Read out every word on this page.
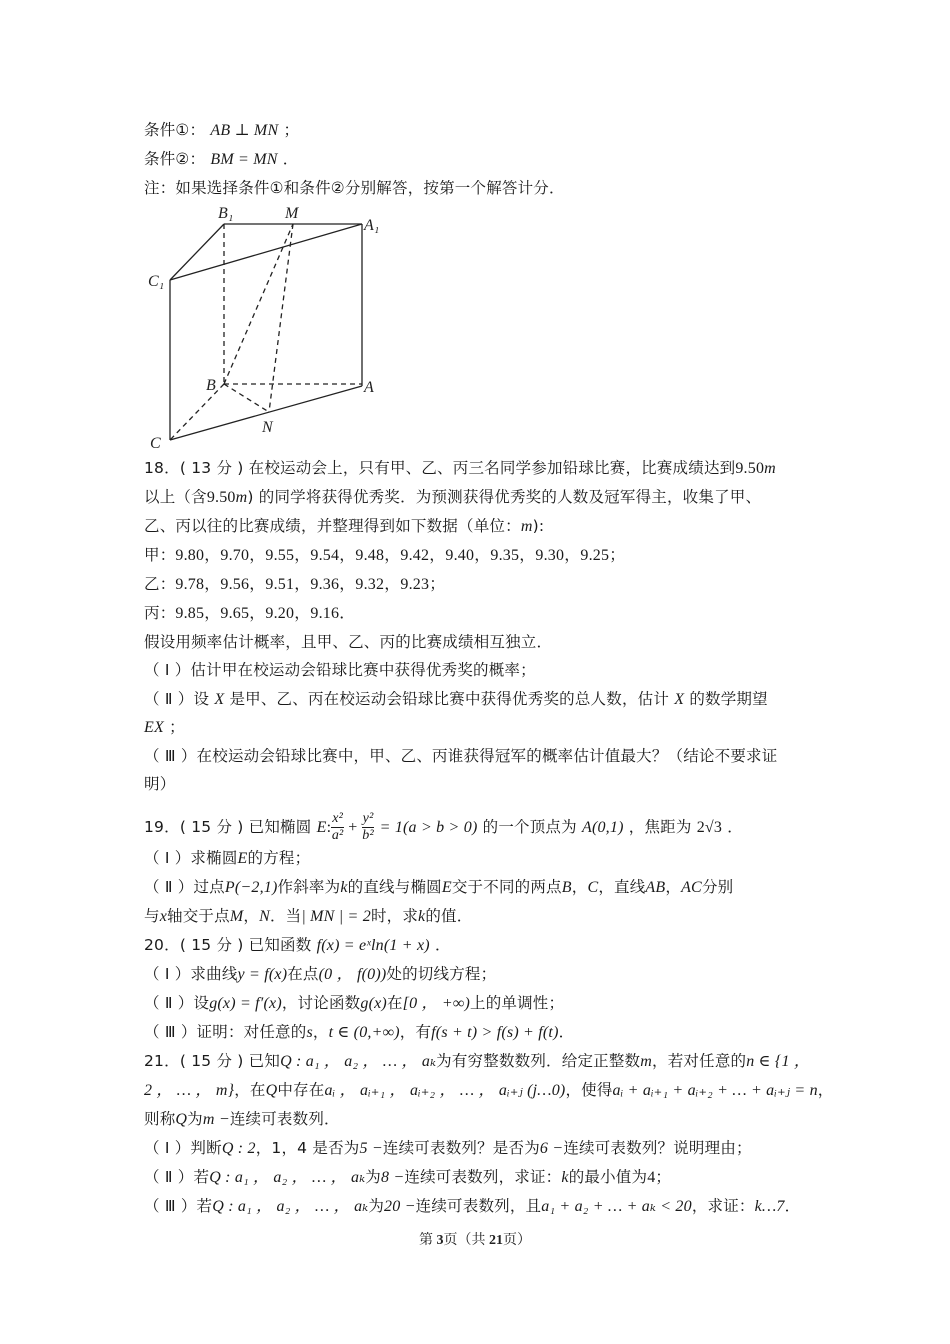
条件①： AB ⊥ MN ；
条件②： BM = MN ．
注：如果选择条件①和条件②分别解答，按第一个解答计分．
B₁	M
A₁
C₁
B	A
N
C
18．( 13 分 ) 在校运动会上，只有甲、乙、丙三名同学参加铅球比赛，比赛成绩达到9.50m
以上（含9.50m) 的同学将获得优秀奖．为预测获得优秀奖的人数及冠军得主，收集了甲、
乙、丙以往的比赛成绩，并整理得到如下数据（单位：m):
甲：9.80，9.70，9.55，9.54，9.48，9.42，9.40，9.35，9.30，9.25；
乙：9.78，9.56，9.51，9.36，9.32，9.23；
丙：9.85，9.65，9.20，9.16．
假设用频率估计概率，且甲、乙、丙的比赛成绩相互独立．
（ Ⅰ ）估计甲在校运动会铅球比赛中获得优秀奖的概率；
（ Ⅱ ）设 X 是甲、乙、丙在校运动会铅球比赛中获得优秀奖的总人数，估计 X 的数学期望
EX ；
（ Ⅲ ）在校运动会铅球比赛中，甲、乙、丙谁获得冠军的概率估计值最大？（结论不要求证
明）
19．( 15 分 ) 已知椭圆 E: $\frac{\text{x²}}{\text{a²}} + \frac{\text{y²}}{\text{b²}} = 1(a > b > 0)$ 的一个顶点为 A(0,1) ，焦距为 2√3 ．
（ Ⅰ ）求椭圆E的方程；
（ Ⅱ ）过点P(−2,1)作斜率为k的直线与椭圆E交于不同的两点B，C，直线AB，AC分别
与x轴交于点M，N．当| MN | = 2时，求k的值．
20．( 15 分 ) 已知函数 f(x) = eˣln(1 + x) ．
（ Ⅰ ）求曲线y = f(x)在点(0 ， f(0))处的切线方程；
（ Ⅱ ）设g(x) = f′(x)，讨论函数g(x)在[0 ， +∞)上的单调性；
（ Ⅲ ）证明：对任意的s，t ∈ (0,+∞)，有f(s + t) > f(s) + f(t)．
21．( 15 分 ) 已知Q : a₁ ， a₂ ， … ， aₖ为有穷整数数列．给定正整数m，若对任意的n ∈ {1 ，
2 ， … ， m}，在Q中存在aᵢ ， aᵢ₊₁ ， aᵢ₊₂ ， … ， aᵢ₊ⱼ (j…0)，使得aᵢ + aᵢ₊₁ + aᵢ₊₂ + … + aᵢ₊ⱼ = n，
则称Q为m −连续可表数列．
（ Ⅰ ）判断Q : 2，1，4 是否为5 −连续可表数列？是否为6 −连续可表数列？说明理由；
（ Ⅱ ）若Q : a₁ ， a₂ ， … ， aₖ为8 −连续可表数列，求证：k的最小值为4；
（ Ⅲ ）若Q : a₁ ， a₂ ， … ， aₖ为20 −连续可表数列，且a₁ + a₂ + … + aₖ < 20，求证：k…7．
第 3页（共 21页）
